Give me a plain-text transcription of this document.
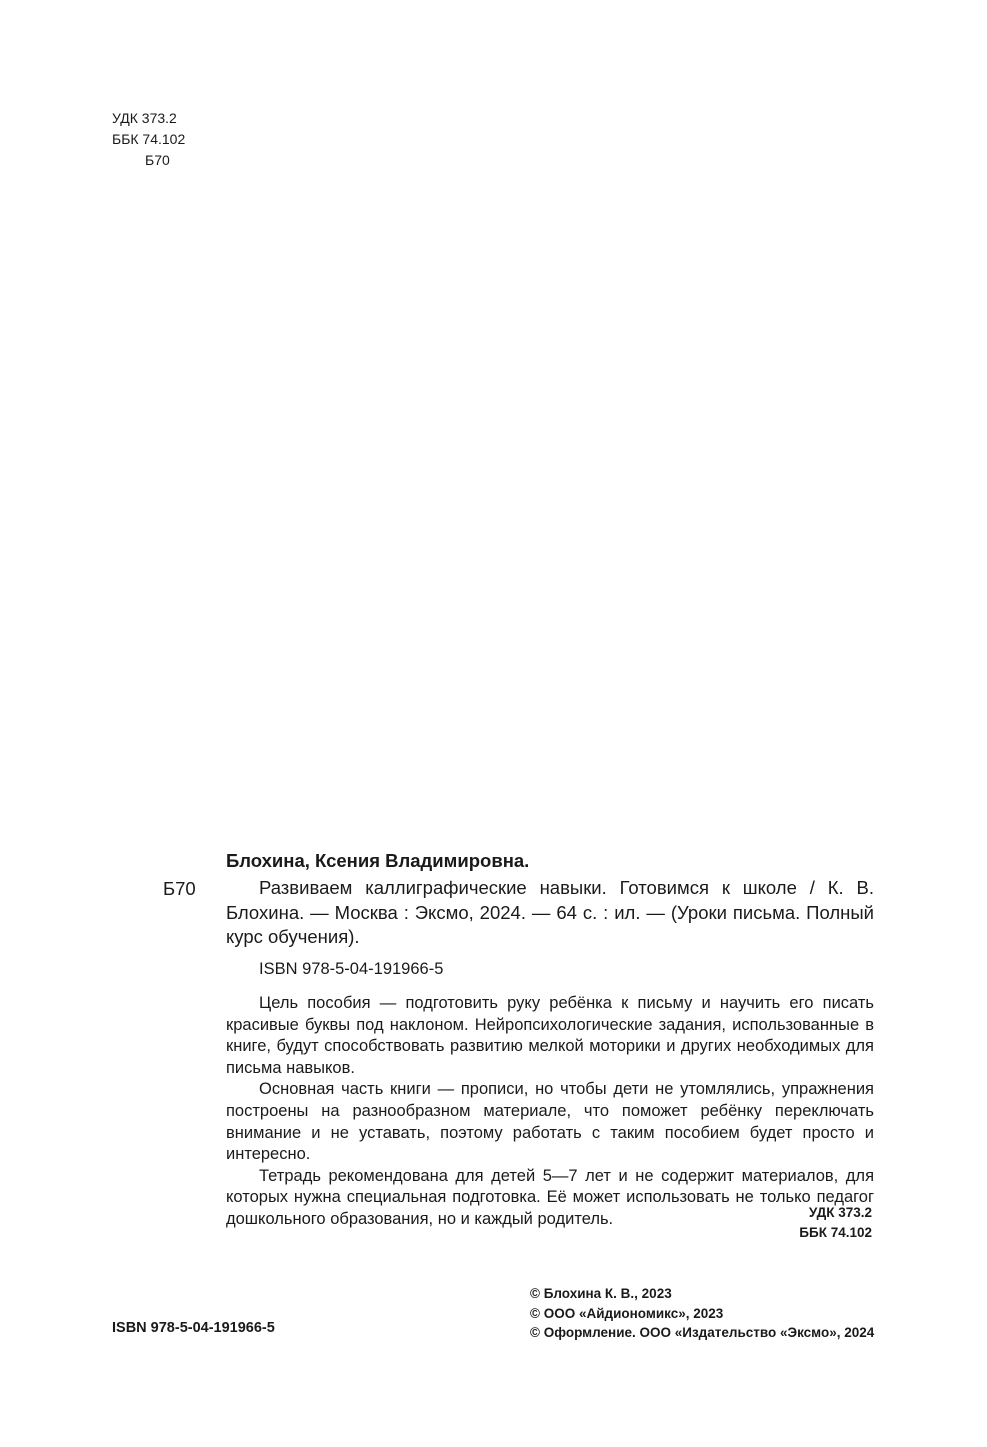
УДК 373.2
ББК 74.102
Б70
Блохина, Ксения Владимировна.
Б70	Развиваем каллиграфические навыки. Готовимся к школе / К. В. Блохина. — Москва : Эксмо, 2024. — 64 с. : ил. — (Уроки письма. Полный курс обучения).
ISBN 978-5-04-191966-5

Цель пособия — подготовить руку ребёнка к письму и научить его писать красивые буквы под наклоном. Нейропсихологические задания, использованные в книге, будут способствовать развитию мелкой моторики и других необходимых для письма навыков.

Основная часть книги — прописи, но чтобы дети не утомлялись, упражнения построены на разнообразном материале, что поможет ребёнку переключать внимание и не уставать, поэтому работать с таким пособием будет просто и интересно.

Тетрадь рекомендована для детей 5—7 лет и не содержит материалов, для которых нужна специальная подготовка. Её может использовать не только педагог дошкольного образования, но и каждый родитель.	УДК 373.2
ББК 74.102
© Блохина К. В., 2023
© ООО «Айдиономикс», 2023
© Оформление. ООО «Издательство «Эксмо», 2024
ISBN 978-5-04-191966-5
